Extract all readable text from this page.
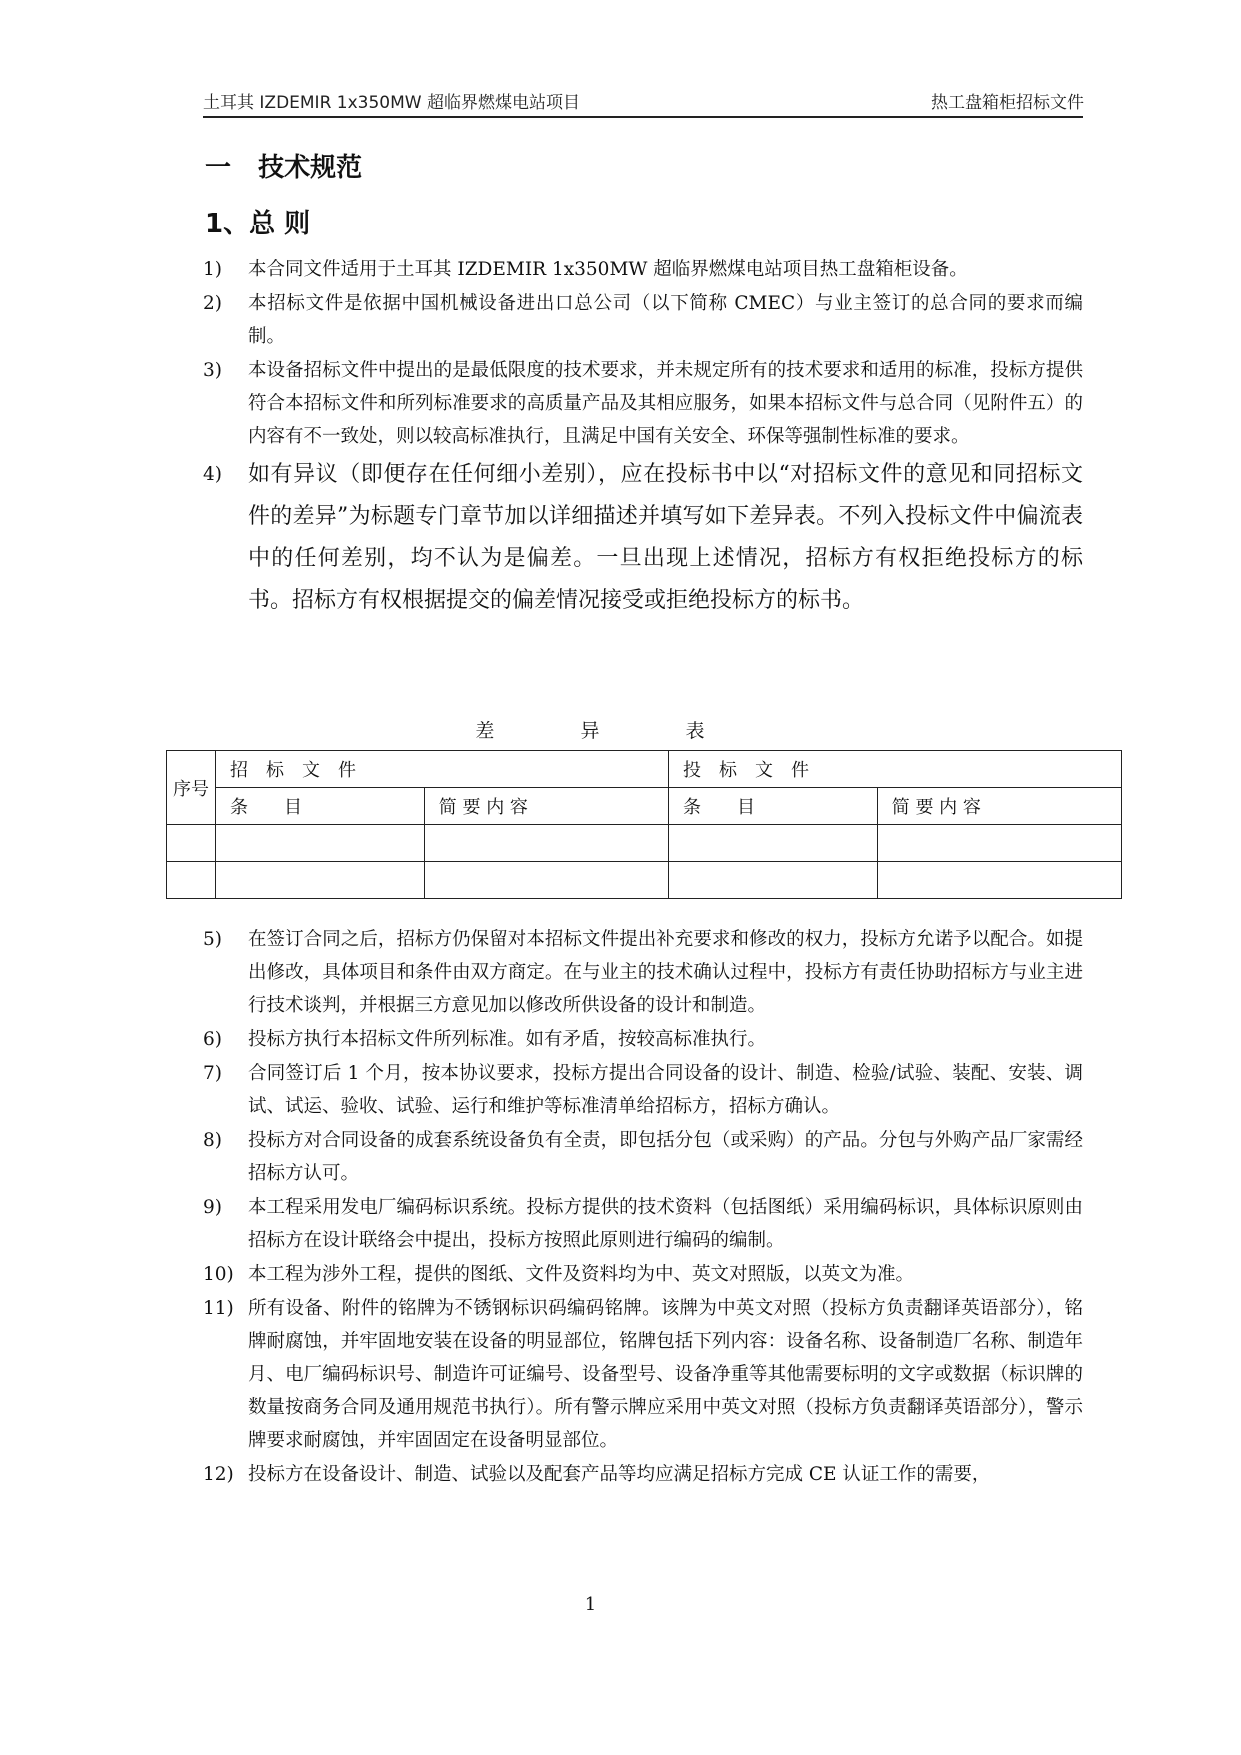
土耳其 IZDEMIR 1x350MW 超临界燃煤电站项目	热工盘箱柜招标文件
一 技术规范
1、总 则
1)	本合同文件适用于土耳其 IZDEMIR 1x350MW 超临界燃煤电站项目热工盘箱柜设备。
2)	本招标文件是依据中国机械设备进出口总公司（以下简称 CMEC）与业主签订的总合同的要求而编制。
3)	本设备招标文件中提出的是最低限度的技术要求，并未规定所有的技术要求和适用的标准，投标方提供符合本招标文件和所列标准要求的高质量产品及其相应服务，如果本招标文件与总合同（见附件五）的内容有不一致处，则以较高标准执行，且满足中国有关安全、环保等强制性标准的要求。
4)	如有异议（即便存在任何细小差别），应在投标书中以“对招标文件的意见和同招标文件的差异”为标题专门章节加以详细描述并填写如下差异表。不列入投标文件中偏流表中的任何差别，均不认为是偏差。一旦出现上述情况，招标方有权拒绝投标方的标书。招标方有权根据提交的偏差情况接受或拒绝投标方的标书。
差	异	表
序号	招　标　文　件		投　标　文　件	
	条　　目	简 要 内 容	条　　目	简 要 内 容

5)	在签订合同之后，招标方仍保留对本招标文件提出补充要求和修改的权力，投标方允诺予以配合。如提出修改，具体项目和条件由双方商定。在与业主的技术确认过程中，投标方有责任协助招标方与业主进行技术谈判，并根据三方意见加以修改所供设备的设计和制造。
6)	投标方执行本招标文件所列标准。如有矛盾，按较高标准执行。
7)	合同签订后 1 个月，按本协议要求，投标方提出合同设备的设计、制造、检验/试验、装配、安装、调试、试运、验收、试验、运行和维护等标准清单给招标方，招标方确认。
8)	投标方对合同设备的成套系统设备负有全责，即包括分包（或采购）的产品。分包与外购产品厂家需经招标方认可。
9)	本工程采用发电厂编码标识系统。投标方提供的技术资料（包括图纸）采用编码标识，具体标识原则由招标方在设计联络会中提出，投标方按照此原则进行编码的编制。
10) 本工程为涉外工程，提供的图纸、文件及资料均为中、英文对照版，以英文为准。
11) 所有设备、附件的铭牌为不锈钢标识码编码铭牌。该牌为中英文对照（投标方负责翻译英语部分），铭牌耐腐蚀，并牢固地安装在设备的明显部位，铭牌包括下列内容：设备名称、设备制造厂名称、制造年月、电厂编码标识号、制造许可证编号、设备型号、设备净重等其他需要标明的文字或数据（标识牌的数量按商务合同及通用规范书执行）。所有警示牌应采用中英文对照（投标方负责翻译英语部分），警示牌要求耐腐蚀，并牢固固定在设备明显部位。
12) 投标方在设备设计、制造、试验以及配套产品等均应满足招标方完成 CE 认证工作的需要，
1
